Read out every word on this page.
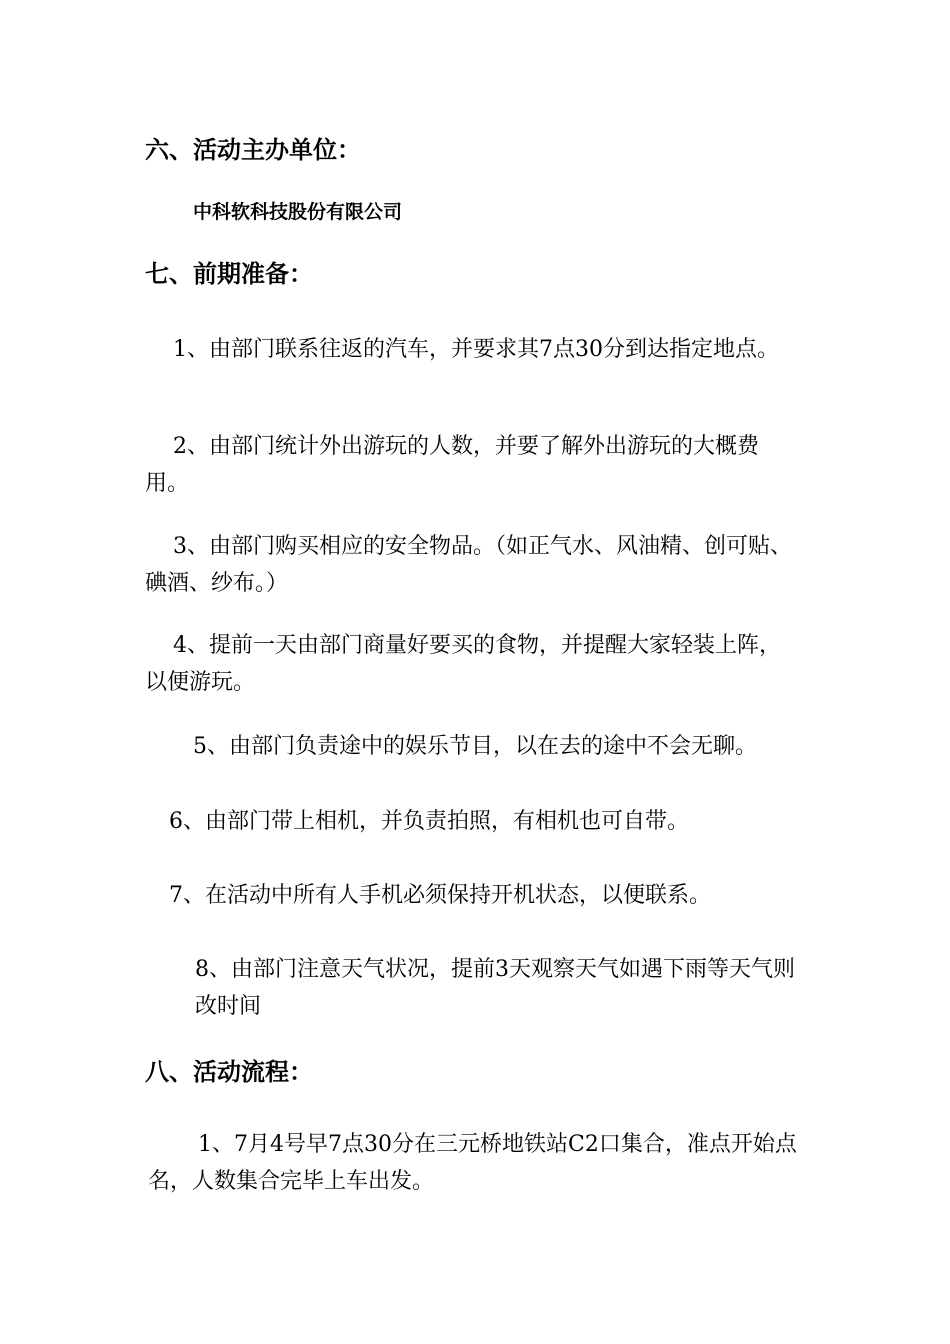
六、活动主办单位：
中科软科技股份有限公司
七、前期准备：
1、由部门联系往返的汽车，并要求其7点30分到达指定地点。
2、由部门统计外出游玩的人数，并要了解外出游玩的大概费用。
3、由部门购买相应的安全物品。（如正气水、风油精、创可贴、碘酒、纱布。）
4、提前一天由部门商量好要买的食物，并提醒大家轻装上阵，以便游玩。
5、由部门负责途中的娱乐节目，以在去的途中不会无聊。
6、由部门带上相机，并负责拍照，有相机也可自带。
7、在活动中所有人手机必须保持开机状态，以便联系。
8、由部门注意天气状况，提前3天观察天气如遇下雨等天气则改时间
八、活动流程：
1、7月4号早7点30分在三元桥地铁站C2口集合，准点开始点名，人数集合完毕上车出发。
